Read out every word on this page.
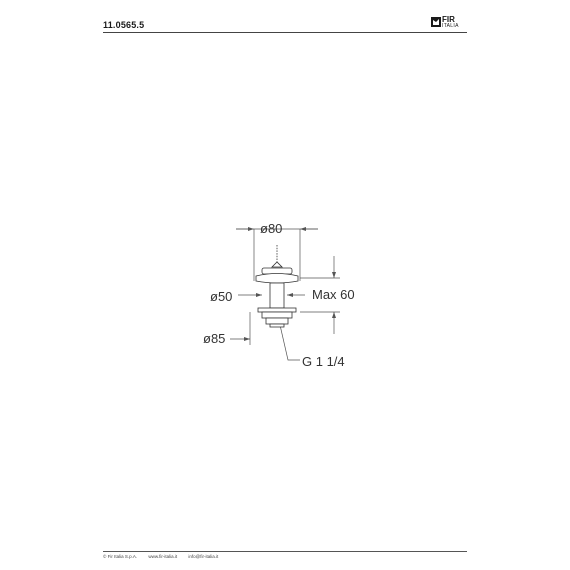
11.0565.5
FIR
ITALIA
ø80
ø50	Max 60
ø85
G 1 1/4
© Fir Italia S.p.A.	www.fir-italia.it	info@fir-italia.it
